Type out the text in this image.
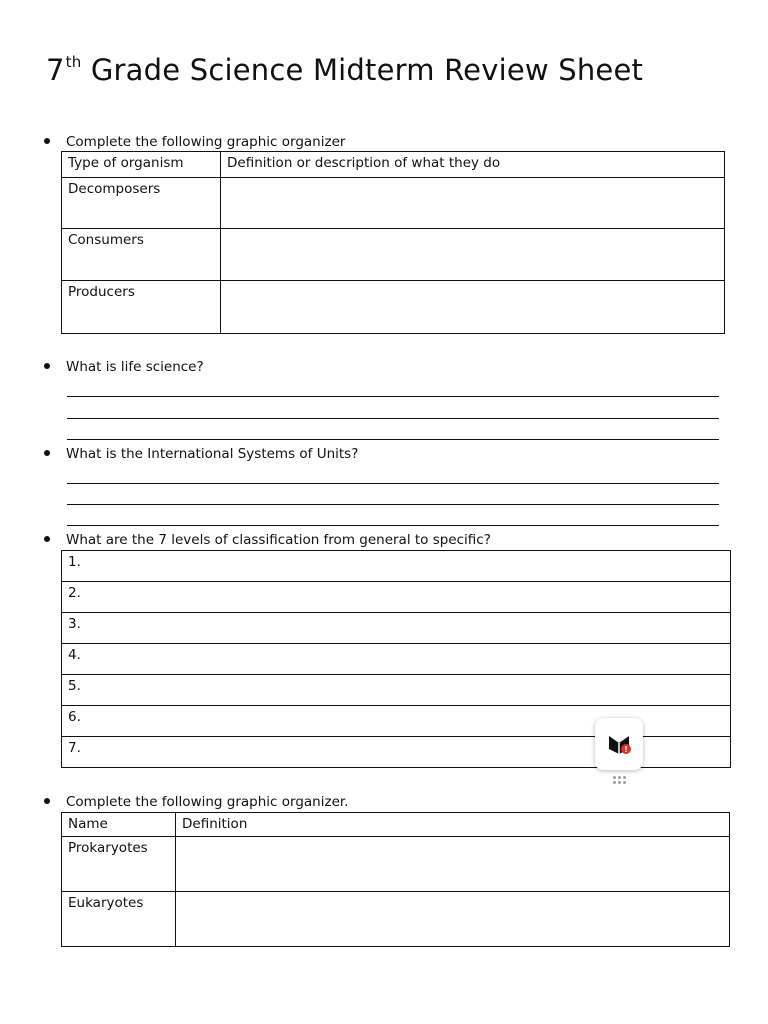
7th Grade Science Midterm Review Sheet
Complete the following graphic organizer
Type of organism	Definition or description of what they do
Decomposers	
Consumers	
Producers	
What is life science?
What is the International Systems of Units?
What are the 7 levels of classification from general to specific?
1.
2.
3.
4.
5.
6.
7.
Complete the following graphic organizer.
Name	Definition
Prokaryotes	
Eukaryotes	
!
